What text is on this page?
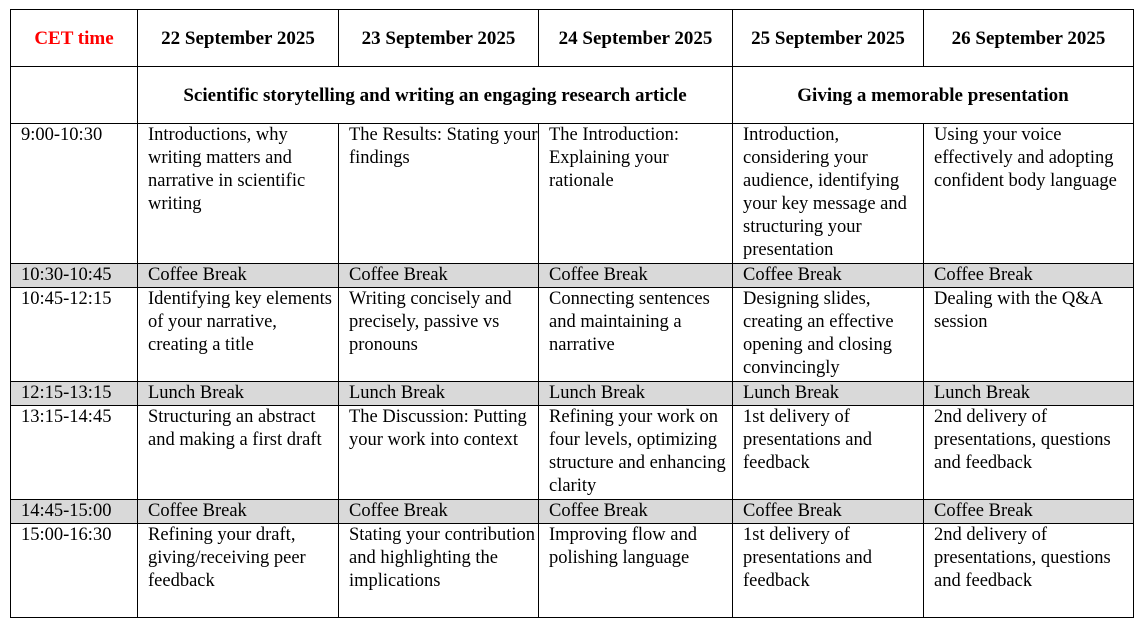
CET time	22 September 2025	23 September 2025	24 September 2025	25 September 2025	26 September 2025
	Scientific storytelling and writing an engaging research article			Giving a memorable presentation	
9:00-10:30	Introductions, why writing matters and narrative in scientific writing	The Results: Stating your findings	The Introduction: Explaining your rationale	Introduction, considering your audience, identifying your key message and structuring your presentation	Using your voice effectively and adopting confident body language
10:30-10:45	Coffee Break	Coffee Break	Coffee Break	Coffee Break	Coffee Break
10:45-12:15	Identifying key elements of your narrative, creating a title	Writing concisely and precisely, passive vs pronouns	Connecting sentences and maintaining a narrative	Designing slides, creating an effective opening and closing convincingly	Dealing with the Q&A session
12:15-13:15	Lunch Break	Lunch Break	Lunch Break	Lunch Break	Lunch Break
13:15-14:45	Structuring an abstract and making a first draft	The Discussion: Putting your work into context	Refining your work on four levels, optimizing structure and enhancing clarity	1st delivery of presentations and feedback	2nd delivery of presentations, questions and feedback
14:45-15:00	Coffee Break	Coffee Break	Coffee Break	Coffee Break	Coffee Break
15:00-16:30	Refining your draft, giving/receiving peer feedback	Stating your contribution and highlighting the implications	Improving flow and polishing language	1st delivery of presentations and feedback	2nd delivery of presentations, questions and feedback
